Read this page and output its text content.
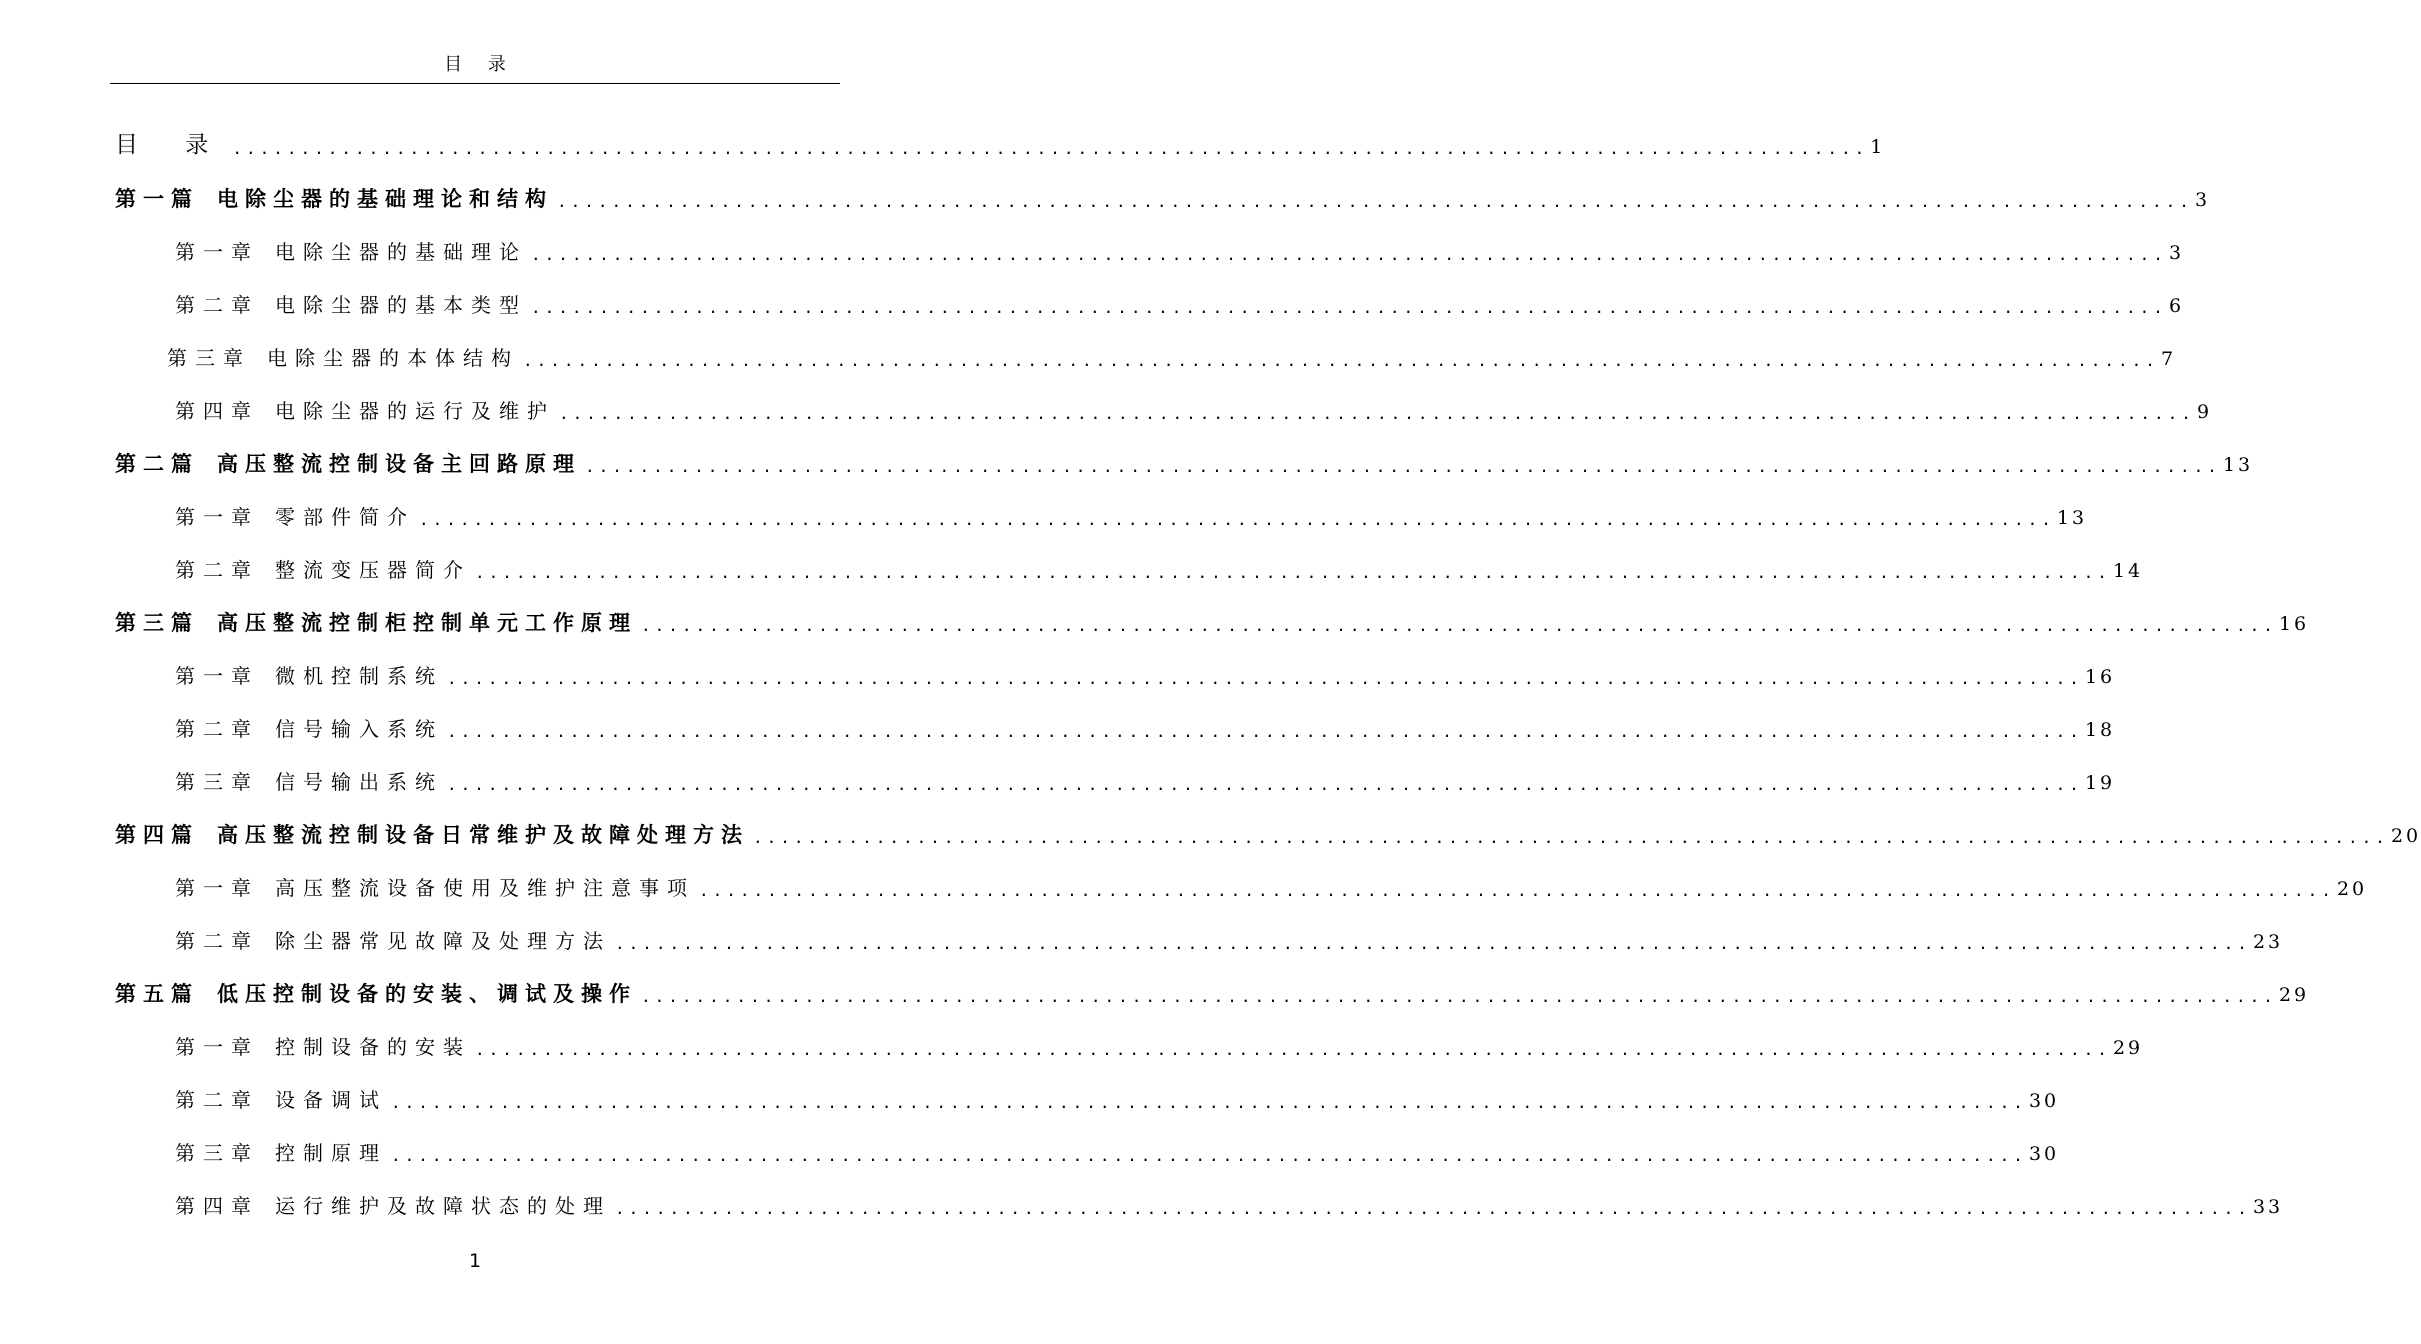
目 录
目 录 ........................................................................................................................ 1
第一篇 电除尘器的基础理论和结构 ........................................................................................................................ 3
第一章 电除尘器的基础理论 ........................................................................................................................ 3
第二章 电除尘器的基本类型 ........................................................................................................................ 6
第三章 电除尘器的本体结构 ........................................................................................................................ 7
第四章 电除尘器的运行及维护 ........................................................................................................................ 9
第二篇 高压整流控制设备主回路原理 ........................................................................................................................ 13
第一章 零部件简介 ........................................................................................................................ 13
第二章 整流变压器简介 ........................................................................................................................ 14
第三篇 高压整流控制柜控制单元工作原理 ........................................................................................................................ 16
第一章 微机控制系统 ........................................................................................................................ 16
第二章 信号输入系统 ........................................................................................................................ 18
第三章 信号输出系统 ........................................................................................................................ 19
第四篇 高压整流控制设备日常维护及故障处理方法 ........................................................................................................................ 20
第一章 高压整流设备使用及维护注意事项 ........................................................................................................................ 20
第二章 除尘器常见故障及处理方法 ........................................................................................................................ 23
第五篇 低压控制设备的安装、调试及操作 ........................................................................................................................ 29
第一章 控制设备的安装 ........................................................................................................................ 29
第二章 设备调试 ........................................................................................................................ 30
第三章 控制原理 ........................................................................................................................ 30
第四章 运行维护及故障状态的处理 ........................................................................................................................ 33
1
